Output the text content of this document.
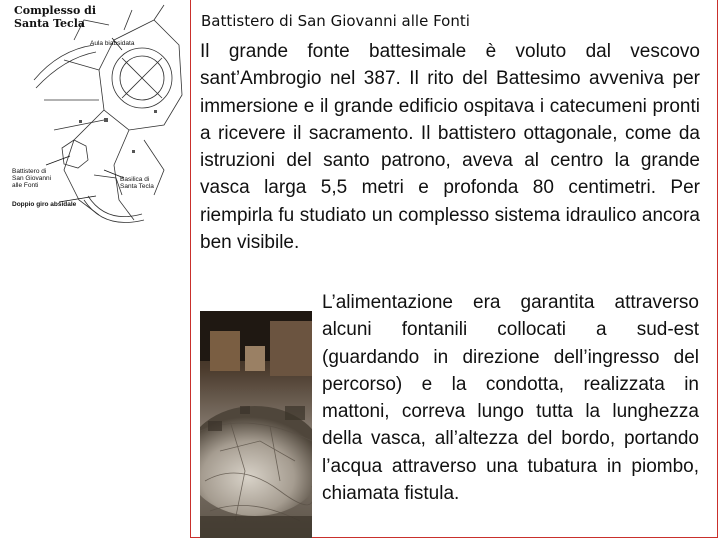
Complesso di
Santa Tecla
Aula biabsidata
Battistero di
San Giovanni
alle Fonti
Basilica di
Santa Tecla
Doppio giro absidale
Battistero di San Giovanni alle Fonti
Il grande fonte battesimale è voluto dal vescovo sant’Ambrogio nel 387. Il rito del Battesimo avveniva per immersione e il grande edificio ospitava i catecumeni pronti a ricevere il sacramento. Il battistero ottagonale, come da istruzioni del santo patrono, aveva al centro la grande vasca larga 5,5 metri e profonda 80 centimetri. Per riempirla fu studiato un complesso sistema idraulico ancora ben visibile.
L’alimentazione era garantita attraverso alcuni fontanili collocati a sud-est (guardando in direzione dell’ingresso del percorso) e la condotta, realizzata in mattoni, correva lungo tutta la lunghezza della vasca, all’altezza del bordo, portando l’acqua attraverso una tubatura in piombo, chiamata fistula.
